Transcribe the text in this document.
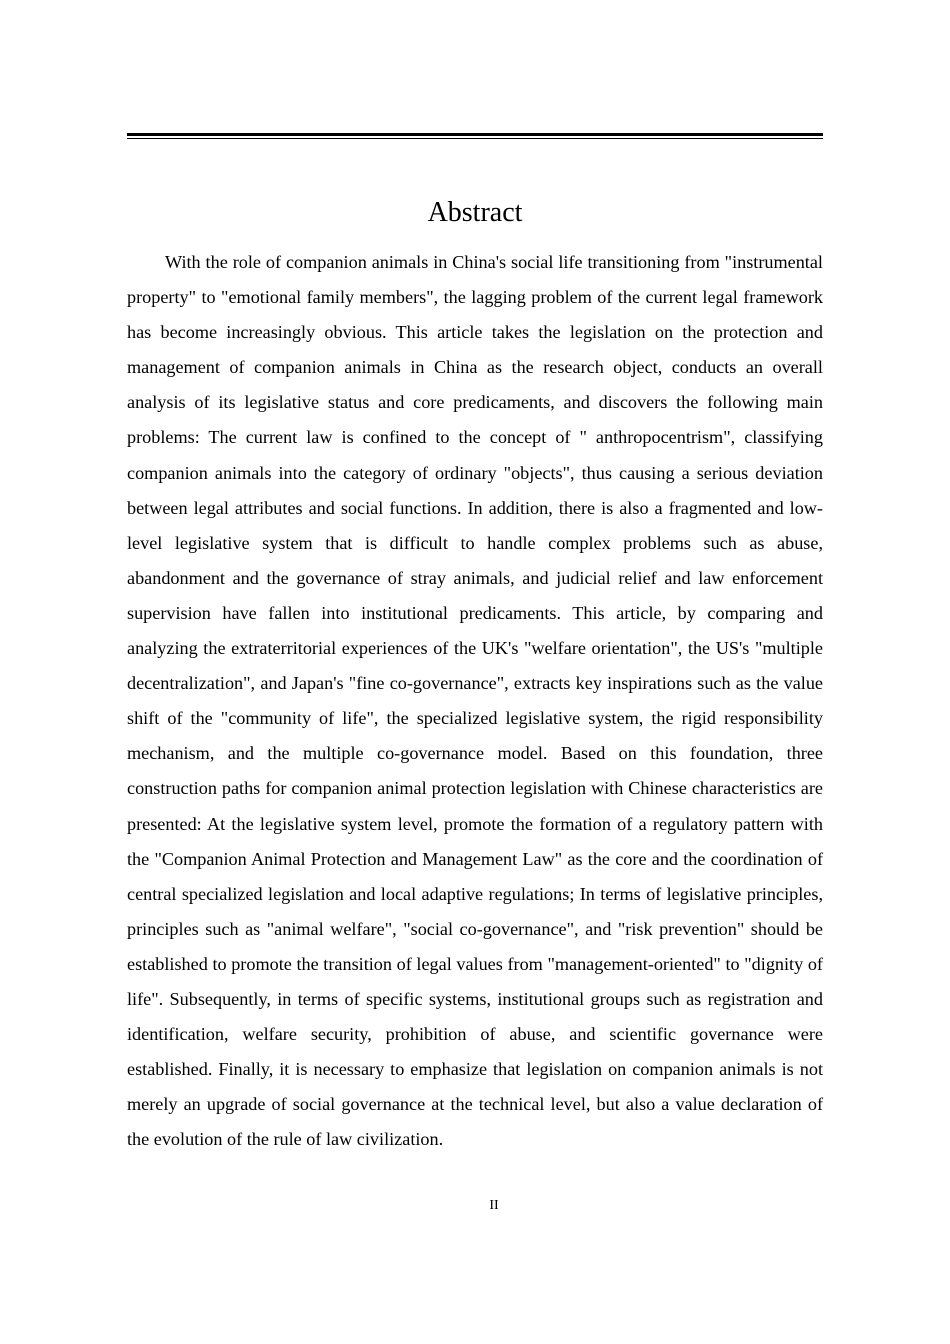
Abstract

With the role of companion animals in China's social life transitioning from "instrumental property" to "emotional family members", the lagging problem of the current legal framework has become increasingly obvious. This article takes the legislation on the protection and management of companion animals in China as the research object, conducts an overall analysis of its legislative status and core predicaments, and discovers the following main problems: The current law is confined to the concept of " anthropocentrism", classifying companion animals into the category of ordinary "objects", thus causing a serious deviation between legal attributes and social functions. In addition, there is also a fragmented and low-level legislative system that is difficult to handle complex problems such as abuse, abandonment and the governance of stray animals, and judicial relief and law enforcement supervision have fallen into institutional predicaments. This article, by comparing and analyzing the extraterritorial experiences of the UK's "welfare orientation", the US's "multiple decentralization", and Japan's "fine co-governance", extracts key inspirations such as the value shift of the "community of life", the specialized legislative system, the rigid responsibility mechanism, and the multiple co-governance model. Based on this foundation, three construction paths for companion animal protection legislation with Chinese characteristics are presented: At the legislative system level, promote the formation of a regulatory pattern with the "Companion Animal Protection and Management Law" as the core and the coordination of central specialized legislation and local adaptive regulations; In terms of legislative principles, principles such as "animal welfare", "social co-governance", and "risk prevention" should be established to promote the transition of legal values from "management-oriented" to "dignity of life". Subsequently, in terms of specific systems, institutional groups such as registration and identification, welfare security, prohibition of abuse, and scientific governance were established. Finally, it is necessary to emphasize that legislation on companion animals is not merely an upgrade of social governance at the technical level, but also a value declaration of the evolution of the rule of law civilization.

II
